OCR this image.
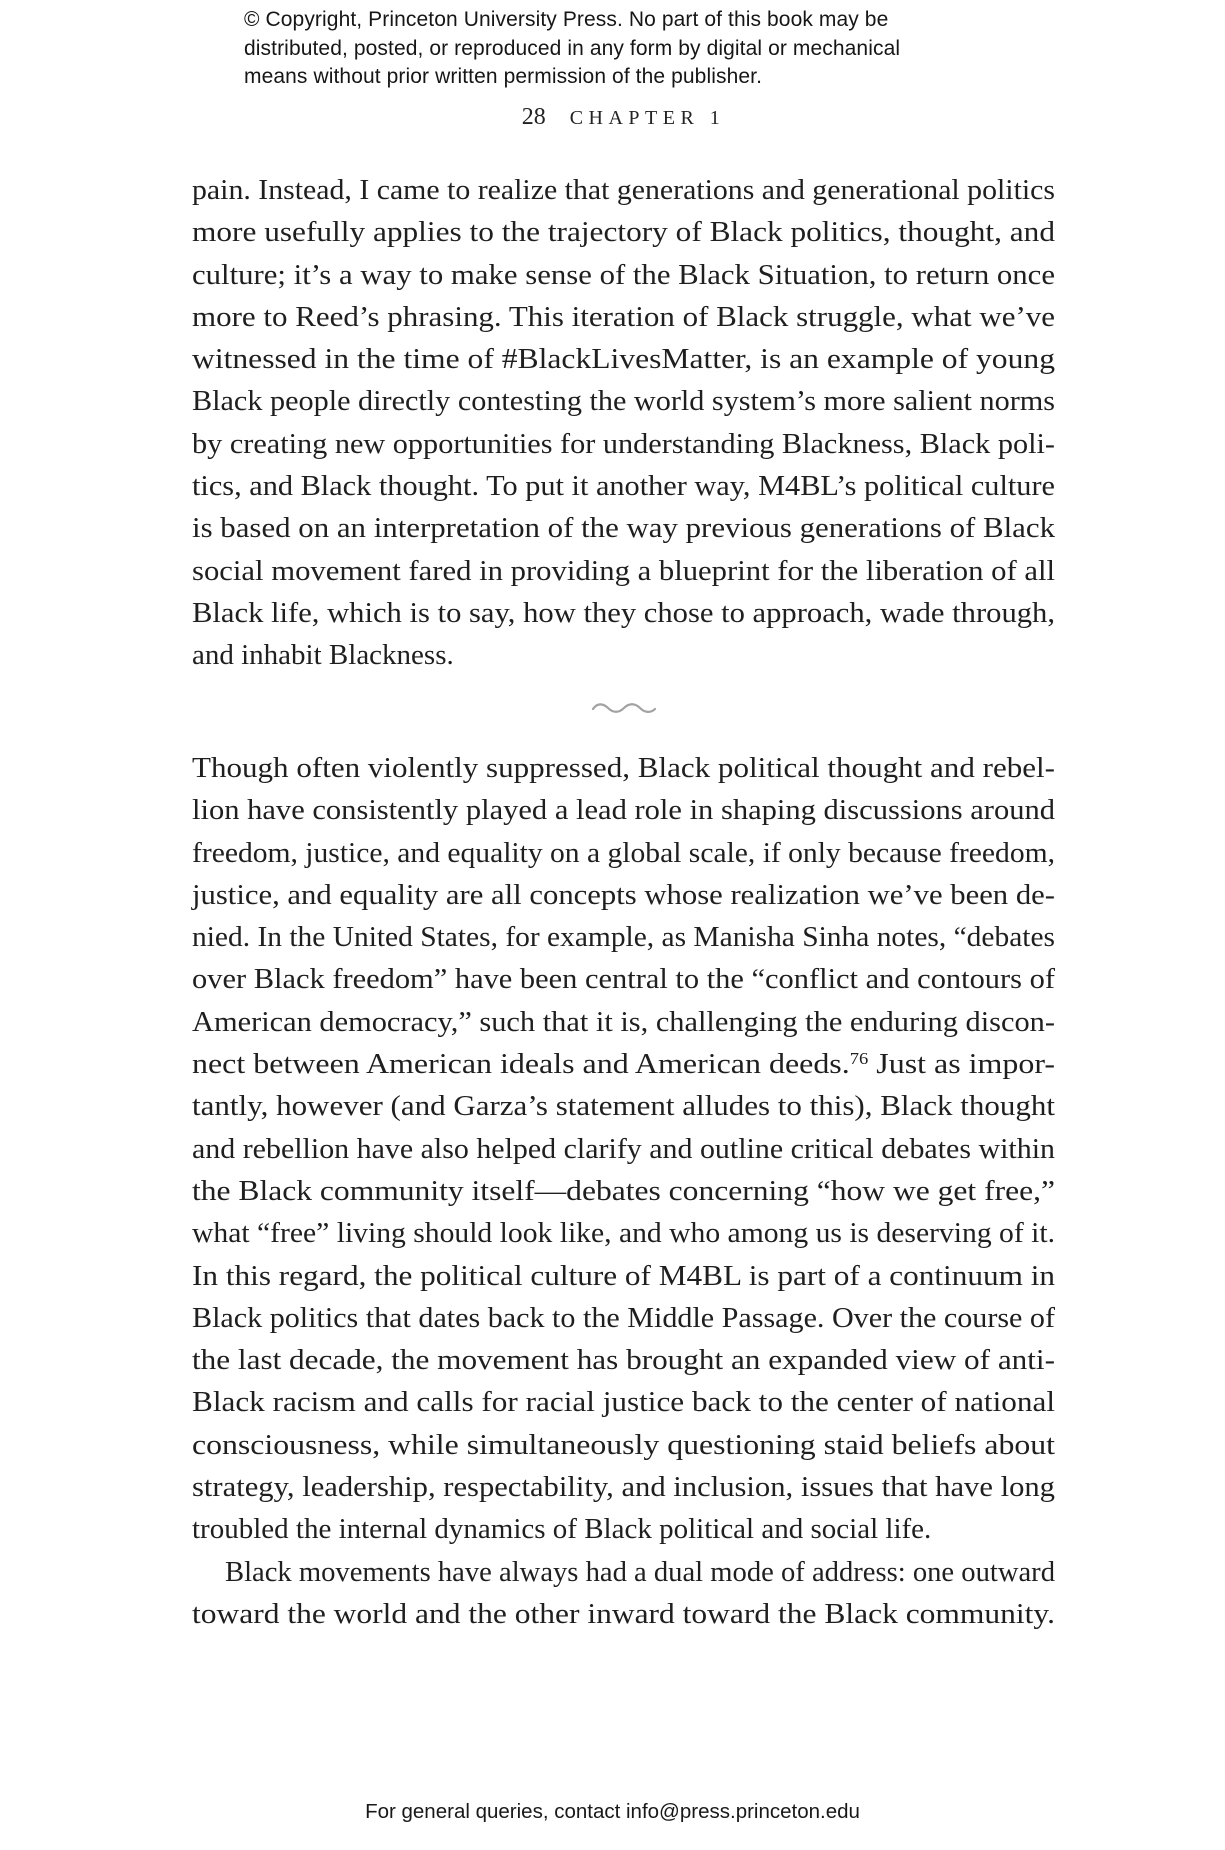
© Copyright, Princeton University Press. No part of this book may be
distributed, posted, or reproduced in any form by digital or mechanical
means without prior written permission of the publisher.
28 CHAPTER 1
pain. Instead, I came to realize that generations and generational politics
more usefully applies to the trajectory of Black politics, thought, and
culture; it’s a way to make sense of the Black Situation, to return once
more to Reed’s phrasing. This iteration of Black struggle, what we’ve
witnessed in the time of #BlackLivesMatter, is an example of young
Black people directly contesting the world system’s more salient norms
by creating new opportunities for understanding Blackness, Black poli-
tics, and Black thought. To put it another way, M4BL’s political culture
is based on an interpretation of the way previous generations of Black
social movement fared in providing a blueprint for the liberation of all
Black life, which is to say, how they chose to approach, wade through,
and inhabit Blackness.
Though often violently suppressed, Black political thought and rebel-
lion have consistently played a lead role in shaping discussions around
freedom, justice, and equality on a global scale, if only because freedom,
justice, and equality are all concepts whose realization we’ve been de-
nied. In the United States, for example, as Manisha Sinha notes, “debates
over Black freedom” have been central to the “conflict and contours of
American democracy,” such that it is, challenging the enduring discon-
nect between American ideals and American deeds.$^{76}$ Just as impor-
tantly, however (and Garza’s statement alludes to this), Black thought
and rebellion have also helped clarify and outline critical debates within
the Black community itself—debates concerning “how we get free,”
what “free” living should look like, and who among us is deserving of it.
In this regard, the political culture of M4BL is part of a continuum in
Black politics that dates back to the Middle Passage. Over the course of
the last decade, the movement has brought an expanded view of anti-
Black racism and calls for racial justice back to the center of national
consciousness, while simultaneously questioning staid beliefs about
strategy, leadership, respectability, and inclusion, issues that have long
troubled the internal dynamics of Black political and social life.
Black movements have always had a dual mode of address: one outward
toward the world and the other inward toward the Black community.
For general queries, contact info@press.princeton.edu
